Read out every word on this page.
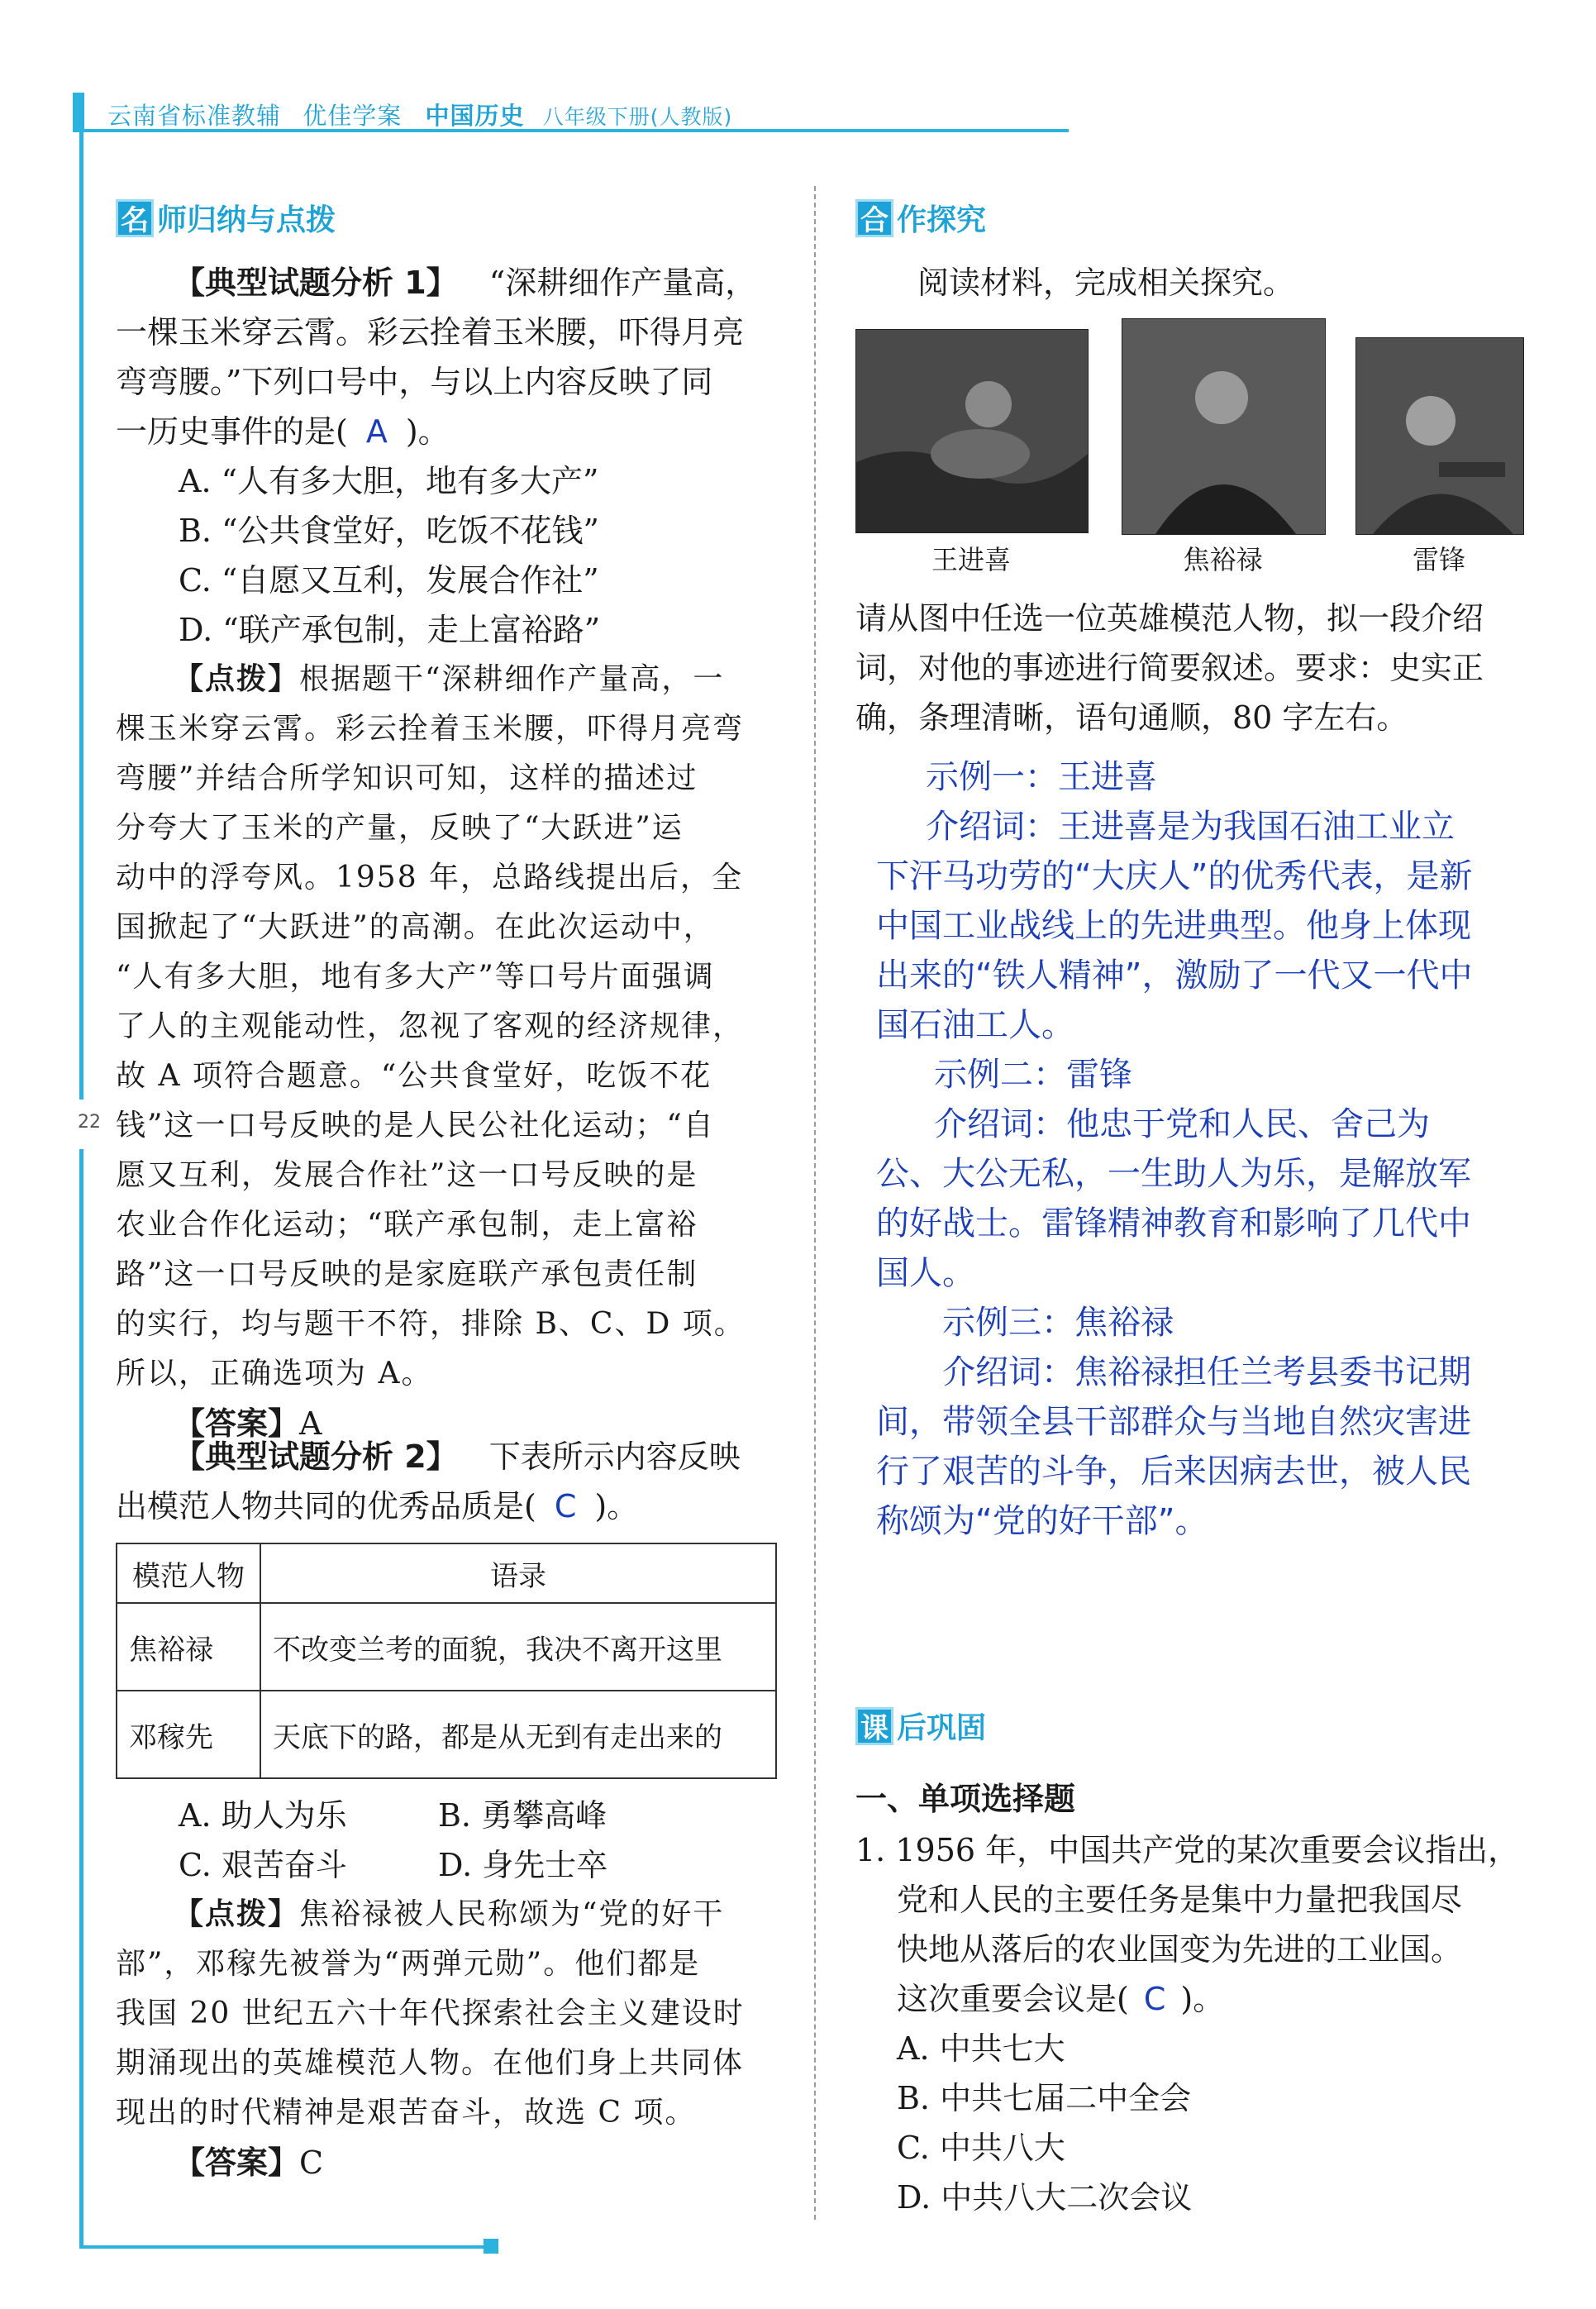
云南省标准教辅 优佳学案 中国历史 八年级下册(人教版)
22
名 师归纳与点拨
【典型试题分析 1】 “深耕细作产量高，
一棵玉米穿云霄。彩云拴着玉米腰，吓得月亮
弯弯腰。”下列口号中，与以上内容反映了同
一历史事件的是( A )。
A. “人有多大胆，地有多大产”
B. “公共食堂好，吃饭不花钱”
C. “自愿又互利，发展合作社”
D. “联产承包制，走上富裕路”
【点拨】根据题干“深耕细作产量高，一
棵玉米穿云霄。彩云拴着玉米腰，吓得月亮弯
弯腰”并结合所学知识可知，这样的描述过
分夸大了玉米的产量，反映了“大跃进”运
动中的浮夸风。1958 年，总路线提出后，全
国掀起了“大跃进”的高潮。在此次运动中，
“人有多大胆，地有多大产”等口号片面强调
了人的主观能动性，忽视了客观的经济规律，
故 A 项符合题意。“公共食堂好，吃饭不花
钱”这一口号反映的是人民公社化运动；“自
愿又互利，发展合作社”这一口号反映的是
农业合作化运动；“联产承包制，走上富裕
路”这一口号反映的是家庭联产承包责任制
的实行，均与题干不符，排除 B、C、D 项。
所以，正确选项为 A。
【答案】A
【典型试题分析 2】 下表所示内容反映
出模范人物共同的优秀品质是( C )。
模范人物	语录
焦裕禄	不改变兰考的面貌，我决不离开这里
邓稼先	天底下的路，都是从无到有走出来的
A. 助人为乐	B. 勇攀高峰
C. 艰苦奋斗	D. 身先士卒
【点拨】焦裕禄被人民称颂为“党的好干
部”，邓稼先被誉为“两弹元勋”。他们都是
我国 20 世纪五六十年代探索社会主义建设时
期涌现出的英雄模范人物。在他们身上共同体
现出的时代精神是艰苦奋斗，故选 C 项。
【答案】C
合 作探究
阅读材料，完成相关探究。
王进喜	焦裕禄	雷锋
请从图中任选一位英雄模范人物，拟一段介绍
词，对他的事迹进行简要叙述。要求：史实正
确，条理清晰，语句通顺，80 字左右。
示例一：王进喜
介绍词：王进喜是为我国石油工业立
下汗马功劳的“大庆人”的优秀代表，是新
中国工业战线上的先进典型。他身上体现
出来的“铁人精神”，激励了一代又一代中
国石油工人。
示例二：雷锋
介绍词：他忠于党和人民、舍己为
公、大公无私，一生助人为乐，是解放军
的好战士。雷锋精神教育和影响了几代中
国人。
示例三：焦裕禄
介绍词：焦裕禄担任兰考县委书记期
间，带领全县干部群众与当地自然灾害进
行了艰苦的斗争，后来因病去世，被人民
称颂为“党的好干部”。
课 后巩固
一、单项选择题
1. 1956 年，中国共产党的某次重要会议指出，
党和人民的主要任务是集中力量把我国尽
快地从落后的农业国变为先进的工业国。
这次重要会议是( C )。
A. 中共七大
B. 中共七届二中全会
C. 中共八大
D. 中共八大二次会议
